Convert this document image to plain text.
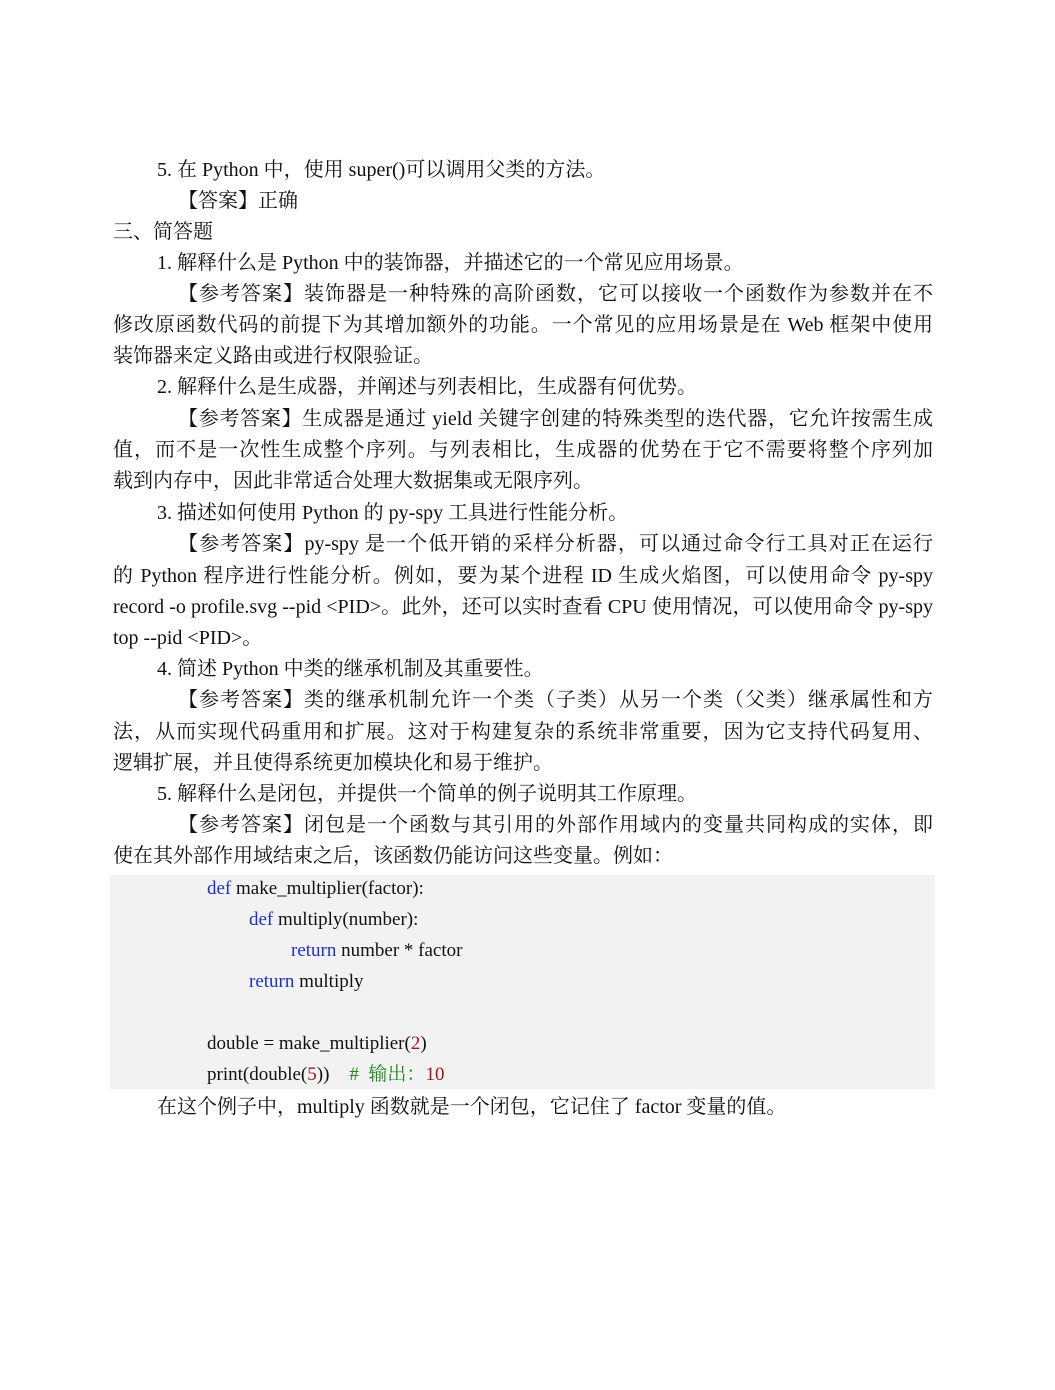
5. 在 Python 中，使用 super()可以调用父类的方法。
【答案】正确
三、简答题
1. 解释什么是 Python 中的装饰器，并描述它的一个常见应用场景。
【参考答案】装饰器是一种特殊的高阶函数，它可以接收一个函数作为参数并在不
修改原函数代码的前提下为其增加额外的功能。一个常见的应用场景是在 Web 框架中使用
装饰器来定义路由或进行权限验证。
2. 解释什么是生成器，并阐述与列表相比，生成器有何优势。
【参考答案】生成器是通过 yield 关键字创建的特殊类型的迭代器，它允许按需生成
值，而不是一次性生成整个序列。与列表相比，生成器的优势在于它不需要将整个序列加
载到内存中，因此非常适合处理大数据集或无限序列。
3. 描述如何使用 Python 的 py-spy 工具进行性能分析。
【参考答案】py-spy 是一个低开销的采样分析器，可以通过命令行工具对正在运行
的 Python 程序进行性能分析。例如，要为某个进程 ID 生成火焰图，可以使用命令 py-spy
record -o profile.svg --pid <PID>。此外，还可以实时查看 CPU 使用情况，可以使用命令 py-spy
top --pid <PID>。
4. 简述 Python 中类的继承机制及其重要性。
【参考答案】类的继承机制允许一个类（子类）从另一个类（父类）继承属性和方
法，从而实现代码重用和扩展。这对于构建复杂的系统非常重要，因为它支持代码复用、
逻辑扩展，并且使得系统更加模块化和易于维护。
5. 解释什么是闭包，并提供一个简单的例子说明其工作原理。
【参考答案】闭包是一个函数与其引用的外部作用域内的变量共同构成的实体，即
使在其外部作用域结束之后，该函数仍能访问这些变量。例如：
def make_multiplier(factor):
def multiply(number):
return number * factor
return multiply
double = make_multiplier(2)
print(double(5)) #  输出：10
在这个例子中，multiply 函数就是一个闭包，它记住了 factor 变量的值。
